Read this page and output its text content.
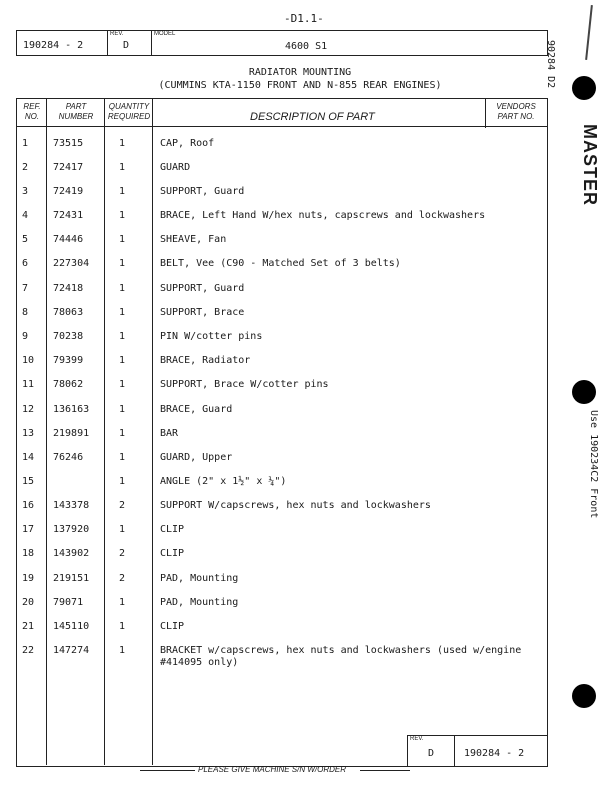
-D1.1-
REV.	MODEL
190284 - 2	D	4600 S1
RADIATOR MOUNTING
(CUMMINS KTA-1150 FRONT AND N-855 REAR ENGINES)
REF. NO.
PART NUMBER
QUANTITY REQUIRED	DESCRIPTION OF PART
VENDORS PART NO.
1 73515	1	CAP, Roof
2 72417	1	GUARD
3 72419	1	SUPPORT, Guard
4 72431	1	BRACE, Left Hand W/hex nuts, capscrews and lockwashers
5 74446	1	SHEAVE, Fan
6 227304	1	BELT, Vee (C90 - Matched Set of 3 belts)
7 72418	1	SUPPORT, Guard
8 78063	1	SUPPORT, Brace
9 70238	1	PIN W/cotter pins
10 79399	1	BRACE, Radiator
11 78062	1	SUPPORT, Brace W/cotter pins
12 136163	1	BRACE, Guard
13 219891	1	BAR
14 76246	1	GUARD, Upper
15	1	ANGLE (2" x 1½" x ¼")
16 143378	2	SUPPORT W/capscrews, hex nuts and lockwashers
17 137920	1	CLIP
18 143902	2	CLIP
19 219151	2	PAD, Mounting
20 79071	1	PAD, Mounting
21 145110	1	CLIP
22 147274	1	BRACKET w/capscrews, hex nuts and lockwashers (used w/engine
#414095 only)
REV.
D	190284 - 2
PLEASE GIVE MACHINE S/N W/ORDER
90284 D2
MASTER
Use 190234C2 Front
